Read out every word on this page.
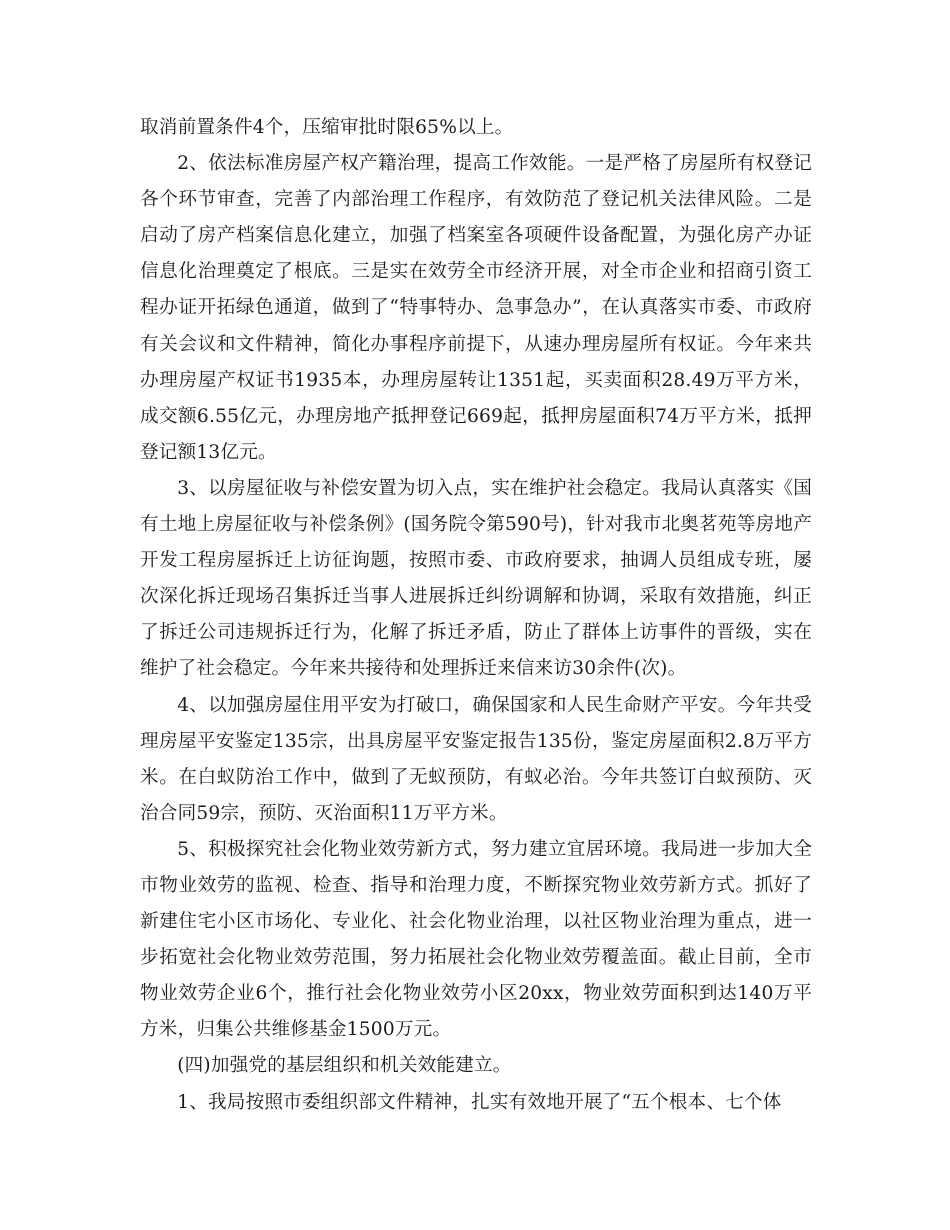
取消前置条件4个，压缩审批时限65%以上。

2、依法标准房屋产权产籍治理，提高工作效能。一是严格了房屋所有权登记各个环节审查，完善了内部治理工作程序，有效防范了登记机关法律风险。二是启动了房产档案信息化建立，加强了档案室各项硬件设备配置，为强化房产办证信息化治理奠定了根底。三是实在效劳全市经济开展，对全市企业和招商引资工程办证开拓绿色通道，做到了“特事特办、急事急办”，在认真落实市委、市政府有关会议和文件精神，简化办事程序前提下，从速办理房屋所有权证。今年来共办理房屋产权证书1935本，办理房屋转让1351起，买卖面积28.49万平方米，成交额6.55亿元，办理房地产抵押登记669起，抵押房屋面积74万平方米，抵押登记额13亿元。

3、以房屋征收与补偿安置为切入点，实在维护社会稳定。我局认真落实《国有土地上房屋征收与补偿条例》(国务院令第590号)，针对我市北奥茗苑等房地产开发工程房屋拆迁上访征询题，按照市委、市政府要求，抽调人员组成专班，屡次深化拆迁现场召集拆迁当事人进展拆迁纠纷调解和协调，采取有效措施，纠正了拆迁公司违规拆迁行为，化解了拆迁矛盾，防止了群体上访事件的晋级，实在维护了社会稳定。今年来共接待和处理拆迁来信来访30余件(次)。

4、以加强房屋住用平安为打破口，确保国家和人民生命财产平安。今年共受理房屋平安鉴定135宗，出具房屋平安鉴定报告135份，鉴定房屋面积2.8万平方米。在白蚁防治工作中，做到了无蚁预防，有蚁必治。今年共签订白蚁预防、灭治合同59宗，预防、灭治面积11万平方米。

5、积极探究社会化物业效劳新方式，努力建立宜居环境。我局进一步加大全市物业效劳的监视、检查、指导和治理力度，不断探究物业效劳新方式。抓好了新建住宅小区市场化、专业化、社会化物业治理，以社区物业治理为重点，进一步拓宽社会化物业效劳范围，努力拓展社会化物业效劳覆盖面。截止目前，全市物业效劳企业6个，推行社会化物业效劳小区20xx，物业效劳面积到达140万平方米，归集公共维修基金1500万元。

(四)加强党的基层组织和机关效能建立。

1、我局按照市委组织部文件精神，扎实有效地开展了“五个根本、七个体
